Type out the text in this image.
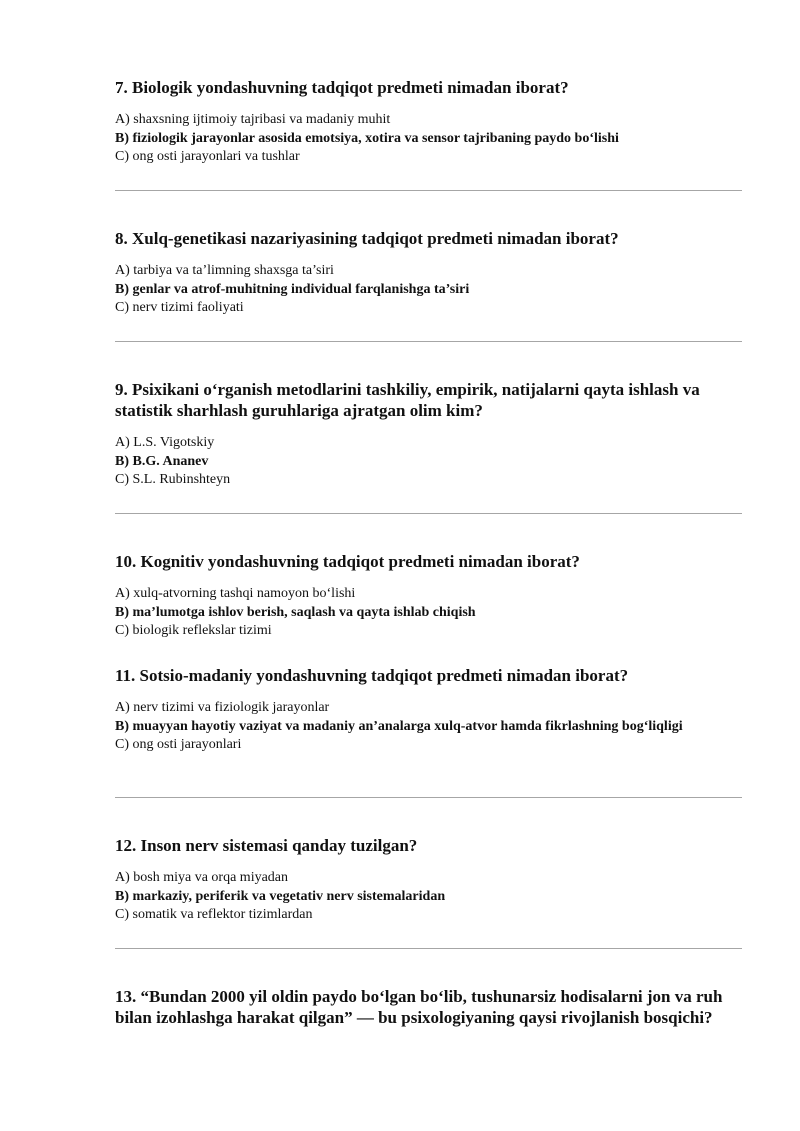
7. Biologik yondashuvning tadqiqot predmeti nimadan iborat?

A) shaxsning ijtimoiy tajribasi va madaniy muhit

B) fiziologik jarayonlar asosida emotsiya, xotira va sensor tajribaning paydo bo‘lishi

C) ong osti jarayonlari va tushlar

8. Xulq-genetikasi nazariyasining tadqiqot predmeti nimadan iborat?

A) tarbiya va ta’limning shaxsga ta’siri

B) genlar va atrof-muhitning individual farqlanishga ta’siri

C) nerv tizimi faoliyati

9. Psixikani o‘rganish metodlarini tashkiliy, empirik, natijalarni qayta ishlash va statistik sharhlash guruhlariga ajratgan olim kim?

A) L.S. Vigotskiy

B) B.G. Ananev

C) S.L. Rubinshteyn

10. Kognitiv yondashuvning tadqiqot predmeti nimadan iborat?

A) xulq-atvorning tashqi namoyon bo‘lishi

B) ma’lumotga ishlov berish, saqlash va qayta ishlab chiqish

C) biologik reflekslar tizimi

11. Sotsio-madaniy yondashuvning tadqiqot predmeti nimadan iborat?

A) nerv tizimi va fiziologik jarayonlar

B) muayyan hayotiy vaziyat va madaniy an’analarga xulq-atvor hamda fikrlashning bog‘liqligi

C) ong osti jarayonlari

12. Inson nerv sistemasi qanday tuzilgan?

A) bosh miya va orqa miyadan

B) markaziy, periferik va vegetativ nerv sistemalaridan

C) somatik va reflektor tizimlardan

13. “Bundan 2000 yil oldin paydo bo‘lgan bo‘lib, tushunarsiz hodisalarni jon va ruh bilan izohlashga harakat qilgan” — bu psixologiyaning qaysi rivojlanish bosqichi?
